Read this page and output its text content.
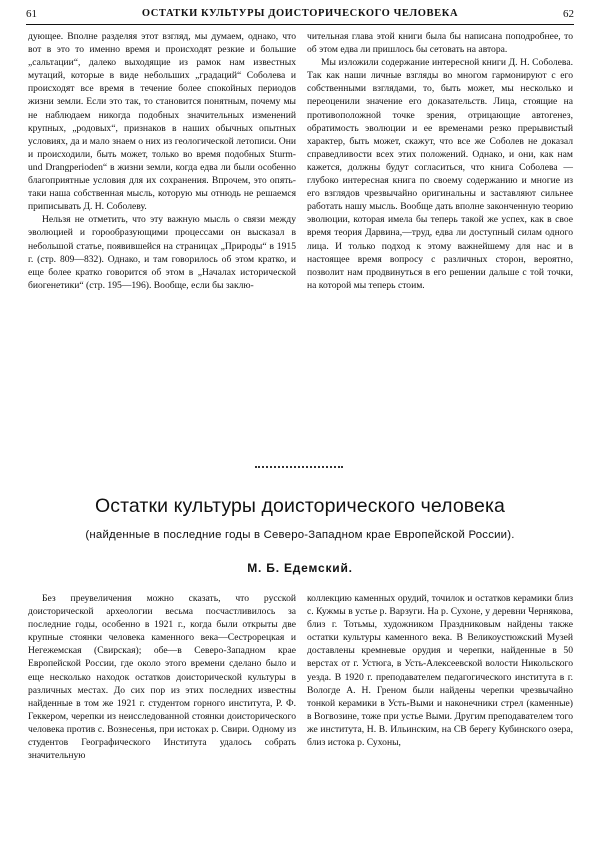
61	ОСТАТКИ КУЛЬТУРЫ ДОИСТОРИЧЕСКОГО ЧЕЛОВЕКА	62

дующее. Вполне разделяя этот взгляд, мы думаем, однако, что вот в это то именно время и происходят резкие и большие „сальтации“, далеко выходящие из рамок нам известных мутаций, которые в виде небольших „градаций“ Соболева и происходят все время в течение более спокойных периодов жизни земли. Если это так, то становится понятным, почему мы не наблюдаем никогда подобных значительных изменений крупных, „родовых“, признаков в наших обычных опытных условиях, да и мало знаем о них из геологической летописи. Они и происходили, быть может, только во время подобных Sturm- und Drangperioden“ в жизни земли, когда едва ли были особенно благоприятные условия для их сохранения. Впрочем, это опять-таки наша собственная мысль, которую мы отнюдь не решаемся приписывать Д. Н. Соболеву.

Нельзя не отметить, что эту важную мысль о связи между эволюцией и горообразующими процессами он высказал в небольшой статье, появившейся на страницах „Природы“ в 1915 г. (стр. 809—832). Однако, и там говорилось об этом кратко, и еще более кратко говорится об этом в „Началах исторической биогенетики“ (стр. 195—196). Вообще, если бы заклю-

чительная глава этой книги была бы написана поподробнее, то об этом едва ли пришлось бы сетовать на автора.

Мы изложили содержание интересной книги Д. Н. Соболева. Так как наши личные взгляды во многом гармонируют с его собственными взглядами, то, быть может, мы несколько и переоценили значение его доказательств. Лица, стоящие на противоположной точке зрения, отрицающие автогенез, обратимость эволюции и ее временами резко прерывистый характер, быть может, скажут, что все же Соболев не доказал справедливости всех этих положений. Однако, и они, как нам кажется, должны будут согласиться, что книга Соболева — глубоко интересная книга по своему содержанию и многие из его взглядов чрезвычайно оригинальны и заставляют сильнее работать нашу мысль. Вообще дать вполне законченную теорию эволюции, которая имела бы теперь такой же успех, как в свое время теория Дарвина,—труд, едва ли доступный силам одного лица. И только подход к этому важнейшему для нас и в настоящее время вопросу с различных сторон, вероятно, позволит нам продвинуться в его решении дальше с той точки, на которой мы теперь стоим.

Остатки культуры доисторического человека
(найденные в последние годы в Северо-Западном крае Европейской России).
М. Б. Едемский.

Без преувеличения можно сказать, что русской доисторической археологии весьма посчастливилось за последние годы, особенно в 1921 г., когда были открыты две крупные стоянки человека каменного века—Сестрорецкая и Негежемская (Свирская); обе—в Северо-Западном крае Европейской России, где около этого времени сделано было и еще несколько находок остатков доисторической культуры в различных местах. До сих пор из этих последних известны найденные в том же 1921 г. студентом горного института, Р. Ф. Геккером, черепки из неисследованной стоянки доисторического человека против с. Вознесенья, при истоках р. Свири. Одному из студентов Географического Института удалось собрать значительную

коллекцию каменных орудий, точилок и остатков керамики близ с. Кужмы в устье р. Варзуги. На р. Сухоне, у деревни Чернякова, близ г. Тотьмы, художником Праздниковым найдены также остатки культуры каменного века. В Великоустюжский Музей доставлены кремневые орудия и черепки, найденные в 50 верстах от г. Устюга, в Усть-Алексеевской волости Никольского уезда. В 1920 г. преподавателем педагогического института в г. Вологде А. Н. Греном были найдены черепки чрезвычайно тонкой керамики в Усть-Выми и наконечники стрел (каменные) в Вогвозине, тоже при устье Выми. Другим преподавателем того же института, Н. В. Ильинским, на СВ берегу Кубинского озера, близ истока р. Сухоны,
